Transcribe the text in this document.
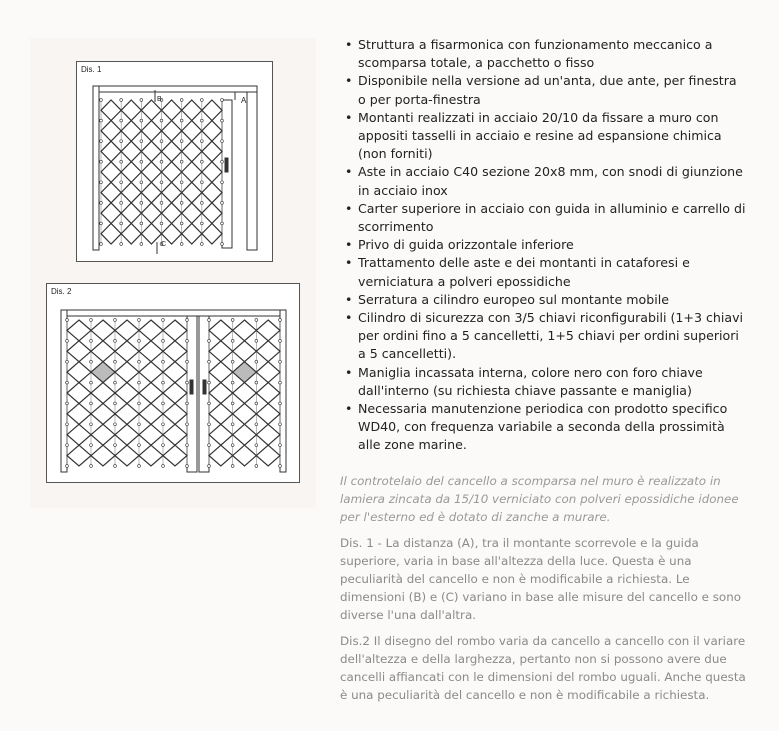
Dis. 1
A
B
C
Dis. 2
• Struttura a fisarmonica con funzionamento meccanico a scomparsa totale, a pacchetto o fisso
• Disponibile nella versione ad un'anta, due ante, per finestra o per porta-finestra
• Montanti realizzati in acciaio 20/10 da fissare a muro con appositi tasselli in acciaio e resine ad espansione chimica (non forniti)
• Aste in acciaio C40 sezione 20x8 mm, con snodi di giunzione in acciaio inox
• Carter superiore in acciaio con guida in alluminio e carrello di scorrimento
• Privo di guida orizzontale inferiore
• Trattamento delle aste e dei montanti in cataforesi e verniciatura a polveri epossidiche
• Serratura a cilindro europeo sul montante mobile
• Cilindro di sicurezza con 3/5 chiavi riconfigurabili (1+3 chiavi per ordini fino a 5 cancelletti, 1+5 chiavi per ordini superiori a 5 cancelletti).
• Maniglia incassata interna, colore nero con foro chiave dall'interno (su richiesta chiave passante e maniglia)
• Necessaria manutenzione periodica con prodotto specifico WD40, con frequenza variabile a seconda della prossimità alle zone marine.

Il controtelaio del cancello a scomparsa nel muro è realizzato in lamiera zincata da 15/10 verniciato con polveri epossidiche idonee per l'esterno ed è dotato di zanche a murare.

Dis. 1 - La distanza (A), tra il montante scorrevole e la guida superiore, varia in base all'altezza della luce. Questa è una peculiarità del cancello e non è modificabile a richiesta. Le dimensioni (B) e (C) variano in base alle misure del cancello e sono diverse l'una dall'altra.

Dis.2 Il disegno del rombo varia da cancello a cancello con il variare dell'altezza e della larghezza, pertanto non si possono avere due cancelli affiancati con le dimensioni del rombo uguali. Anche questa è una peculiarità del cancello e non è modificabile a richiesta.
